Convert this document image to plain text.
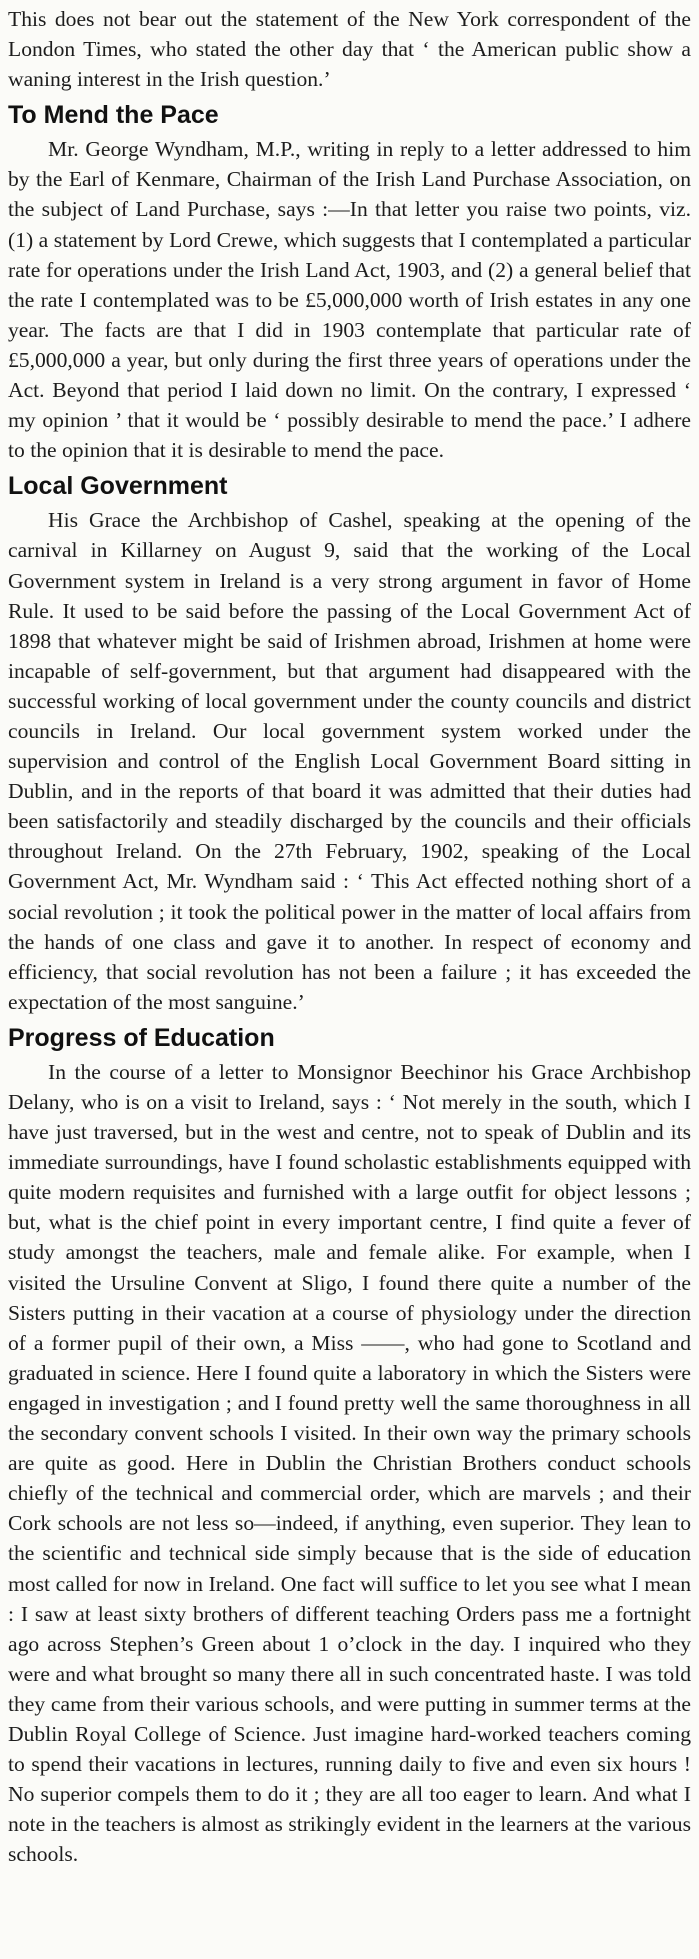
This does not bear out the statement of the New York correspondent of the London Times, who stated the other day that ‘ the American public show a waning interest in the Irish question.’

To Mend the Pace

Mr. George Wyndham, M.P., writing in reply to a letter addressed to him by the Earl of Kenmare, Chairman of the Irish Land Purchase Association, on the subject of Land Purchase, says :—In that letter you raise two points, viz. (1) a statement by Lord Crewe, which suggests that I contemplated a particular rate for operations under the Irish Land Act, 1903, and (2) a general belief that the rate I contemplated was to be £5,000,000 worth of Irish estates in any one year. The facts are that I did in 1903 contemplate that particular rate of £5,000,000 a year, but only during the first three years of operations under the Act. Beyond that period I laid down no limit. On the contrary, I expressed ‘ my opinion ’ that it would be ‘ possibly desirable to mend the pace.’ I adhere to the opinion that it is desirable to mend the pace.

Local Government

His Grace the Archbishop of Cashel, speaking at the opening of the carnival in Killarney on August 9, said that the working of the Local Government system in Ireland is a very strong argument in favor of Home Rule. It used to be said before the passing of the Local Government Act of 1898 that whatever might be said of Irishmen abroad, Irishmen at home were incapable of self-government, but that argument had disappeared with the successful working of local government under the county councils and district councils in Ireland. Our local government system worked under the supervision and control of the English Local Government Board sitting in Dublin, and in the reports of that board it was admitted that their duties had been satisfactorily and steadily discharged by the councils and their officials throughout Ireland. On the 27th February, 1902, speaking of the Local Government Act, Mr. Wyndham said : ‘ This Act effected nothing short of a social revolution ; it took the political power in the matter of local affairs from the hands of one class and gave it to another. In respect of economy and efficiency, that social revolution has not been a failure ; it has exceeded the expectation of the most sanguine.’

Progress of Education

In the course of a letter to Monsignor Beechinor his Grace Archbishop Delany, who is on a visit to Ireland, says : ‘ Not merely in the south, which I have just traversed, but in the west and centre, not to speak of Dublin and its immediate surroundings, have I found scholastic establishments equipped with quite modern requisites and furnished with a large outfit for object lessons ; but, what is the chief point in every important centre, I find quite a fever of study amongst the teachers, male and female alike. For example, when I visited the Ursuline Convent at Sligo, I found there quite a number of the Sisters putting in their vacation at a course of physiology under the direction of a former pupil of their own, a Miss ——, who had gone to Scotland and graduated in science. Here I found quite a laboratory in which the Sisters were engaged in investigation ; and I found pretty well the same thoroughness in all the secondary convent schools I visited. In their own way the primary schools are quite as good. Here in Dublin the Christian Brothers conduct schools chiefly of the technical and commercial order, which are marvels ; and their Cork schools are not less so—indeed, if anything, even superior. They lean to the scientific and technical side simply because that is the side of education most called for now in Ireland. One fact will suffice to let you see what I mean : I saw at least sixty brothers of different teaching Orders pass me a fortnight ago across Stephen’s Green about 1 o’clock in the day. I inquired who they were and what brought so many there all in such concentrated haste. I was told they came from their various schools, and were putting in summer terms at the Dublin Royal College of Science. Just imagine hard-worked teachers coming to spend their vacations in lectures, running daily to five and even six hours ! No superior compels them to do it ; they are all too eager to learn. And what I note in the teachers is almost as strikingly evident in the learners at the various schools.
